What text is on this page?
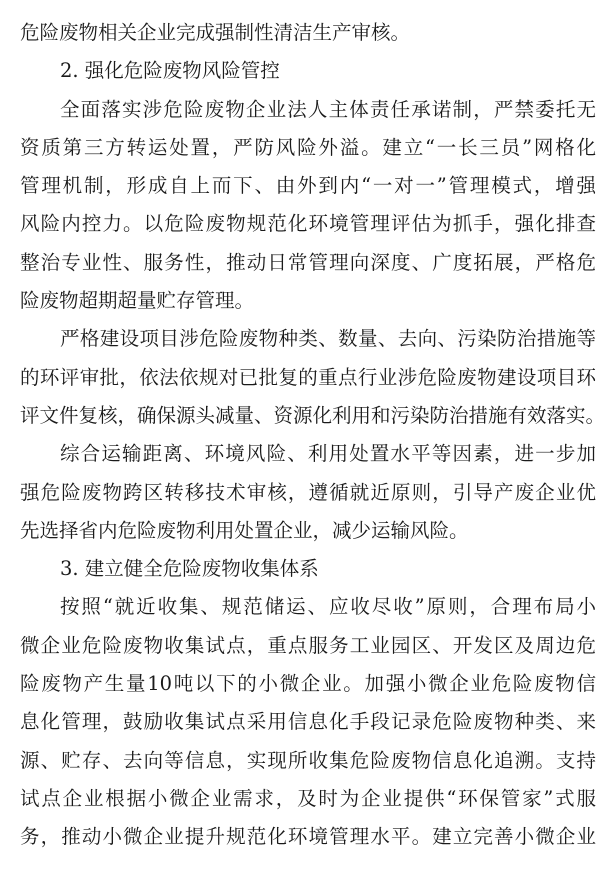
危险废物相关企业完成强制性清洁生产审核。
2. 强化危险废物风险管控
全面落实涉危险废物企业法人主体责任承诺制，严禁委托无
资质第三方转运处置，严防风险外溢。建立“一长三员”网格化
管理机制，形成自上而下、由外到内“一对一”管理模式，增强
风险内控力。以危险废物规范化环境管理评估为抓手，强化排查
整治专业性、服务性，推动日常管理向深度、广度拓展，严格危
险废物超期超量贮存管理。
严格建设项目涉危险废物种类、数量、去向、污染防治措施等
的环评审批，依法依规对已批复的重点行业涉危险废物建设项目环
评文件复核，确保源头减量、资源化利用和污染防治措施有效落实。
综合运输距离、环境风险、利用处置水平等因素，进一步加
强危险废物跨区转移技术审核，遵循就近原则，引导产废企业优
先选择省内危险废物利用处置企业，减少运输风险。
3. 建立健全危险废物收集体系
按照“就近收集、规范储运、应收尽收”原则，合理布局小
微企业危险废物收集试点，重点服务工业园区、开发区及周边危
险废物产生量10吨以下的小微企业。加强小微企业危险废物信
息化管理，鼓励收集试点采用信息化手段记录危险废物种类、来
源、贮存、去向等信息，实现所收集危险废物信息化追溯。支持
试点企业根据小微企业需求，及时为企业提供“环保管家”式服
务，推动小微企业提升规范化环境管理水平。建立完善小微企业
